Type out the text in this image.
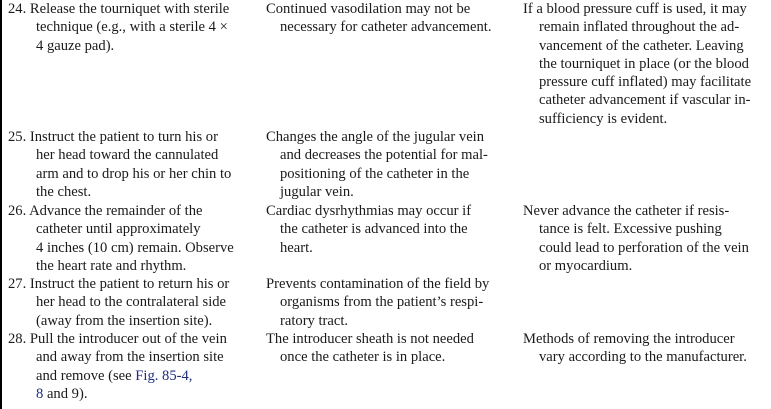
24. Release the tourniquet with sterile
technique (e.g., with a sterile 4 ×
4 gauze pad).
Continued vasodilation may not be
necessary for catheter advancement.
If a blood pressure cuff is used, it may
remain inflated throughout the ad-
vancement of the catheter. Leaving
the tourniquet in place (or the blood
pressure cuff inflated) may facilitate
catheter advancement if vascular in-
sufficiency is evident.
25. Instruct the patient to turn his or
her head toward the cannulated
arm and to drop his or her chin to
the chest.
Changes the angle of the jugular vein
and decreases the potential for mal-
positioning of the catheter in the
jugular vein.
26. Advance the remainder of the
catheter until approximately
4 inches (10 cm) remain. Observe
the heart rate and rhythm.
Cardiac dysrhythmias may occur if
the catheter is advanced into the
heart.
Never advance the catheter if resis-
tance is felt. Excessive pushing
could lead to perforation of the vein
or myocardium.
27. Instruct the patient to return his or
her head to the contralateral side
(away from the insertion site).
Prevents contamination of the field by
organisms from the patient’s respi-
ratory tract.
28. Pull the introducer out of the vein
and away from the insertion site
and remove (see Fig. 85-4,
8 and 9).
The introducer sheath is not needed
once the catheter is in place.
Methods of removing the introducer
vary according to the manufacturer.
